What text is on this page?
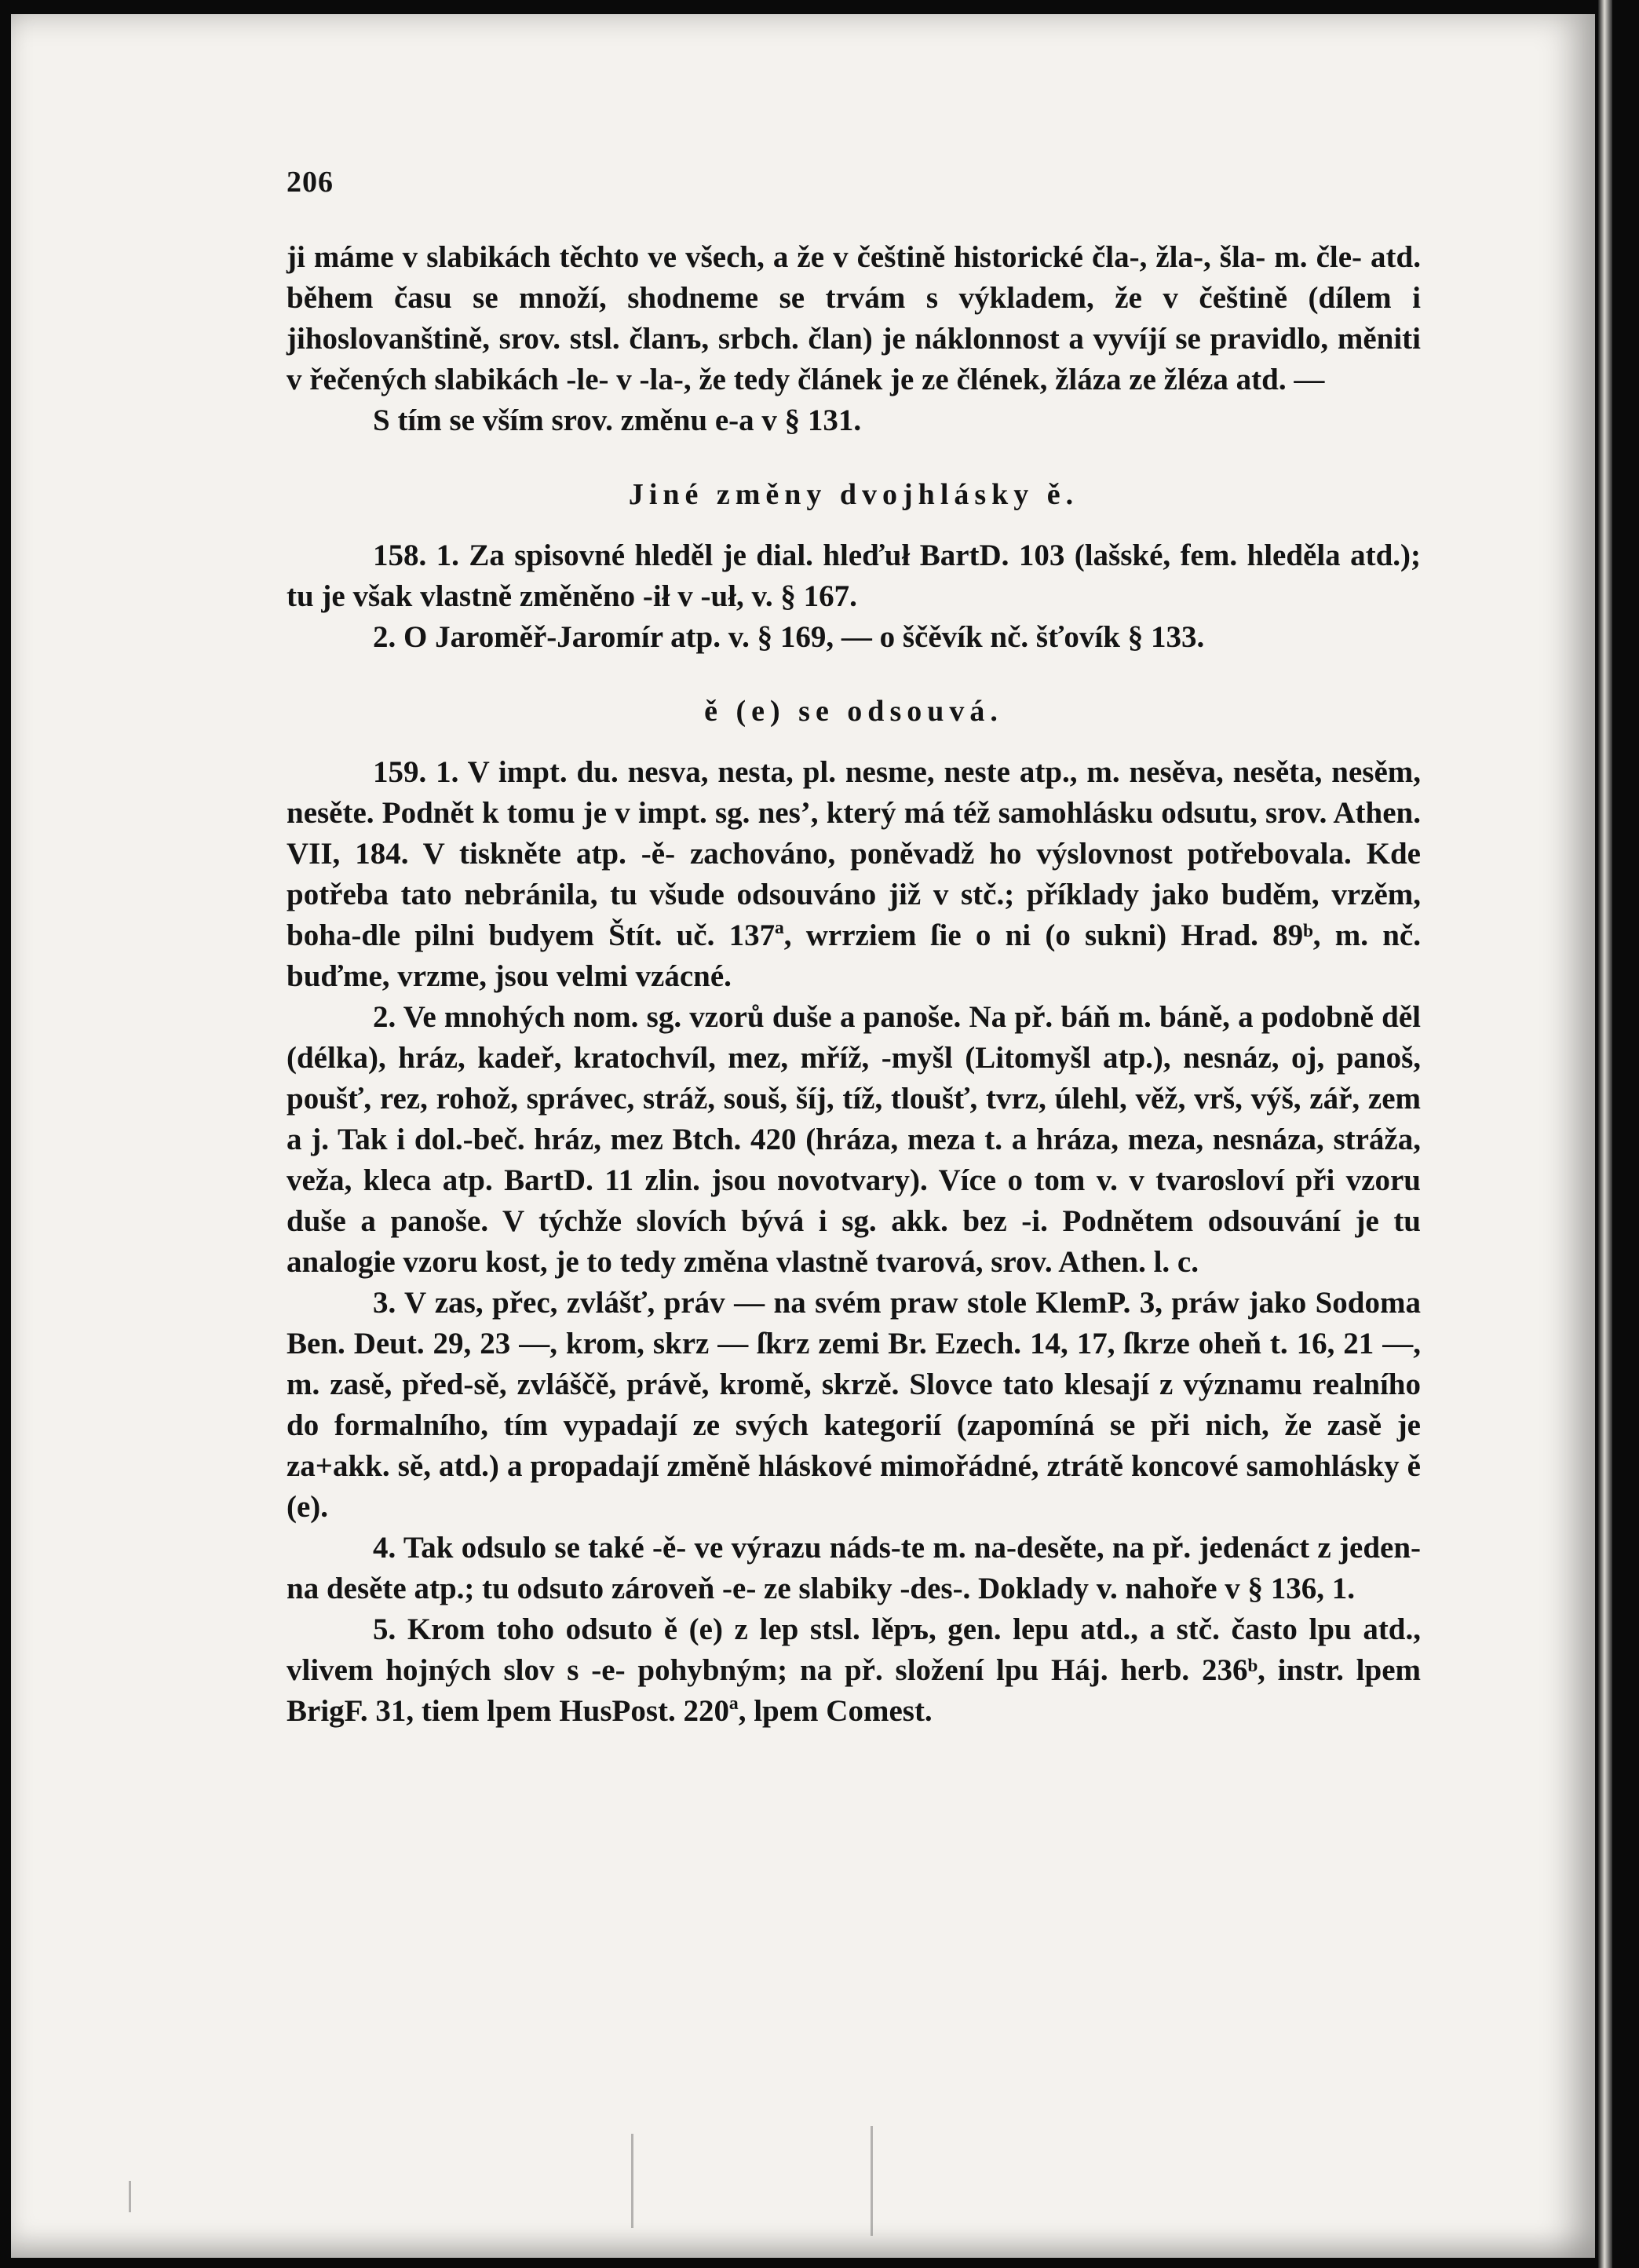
206

ji máme v slabikách těchto ve všech, a že v češtině historické čla-, žla-, šla- m. čle- atd. během času se množí, shodneme se trvám s výkladem, že v češtině (dílem i jihoslovanštině, srov. stsl. članъ, srbch. člаn) je náklonnost a vyvíjí se pravidlo, měniti v řečených slabikách -le- v -la-, že tedy článek je ze člének, žláza ze žléza atd. —

S tím se vším srov. změnu e-a v § 131.

Jiné změny dvojhlásky ě.

158. 1. Za spisovné hleděl je dial. hleďuł BartD. 103 (lašské, fem. hleděla atd.); tu je však vlastně změněno -ił v -uł, v. § 167.

2. O Jaroměř-Jaromír atp. v. § 169, — o ščěvík nč. šťovík § 133.

ě (e) se odsouvá.

159. 1. V impt. du. nesva, nesta, pl. nesme, neste atp., m. nesěva, nesěta, nesěm, nesěte. Podnět k tomu je v impt. sg. nes’, který má též samohlásku odsutu, srov. Athen. VII, 184. V tiskněte atp. -ě- zachováno, poněvadž ho výslovnost potřebovala. Kde potřeba tato nebránila, tu všude odsouváno již v stč.; příklady jako buděm, vrzěm, boha-dle pilni budyem Štít. uč. 137ª, wrrziem ſie o ni (o sukni) Hrad. 89ᵇ, m. nč. buďme, vrzme, jsou velmi vzácné.

2. Ve mnohých nom. sg. vzorů duše a panoše. Na př. báň m. báně, a podobně děl (délka), hráz, kadeř, kratochvíl, mez, mříž, -myšl (Litomyšl atp.), nesnáz, oj, panoš, poušť, rez, rohož, správec, stráž, souš, šíj, tíž, tloušť, tvrz, úlehl, věž, vrš, výš, zář, zem a j. Tak i dol.-beč. hráz, mez Btch. 420 (hráza, meza t. a hráza, meza, nesnáza, stráža, veža, kleca atp. BartD. 11 zlin. jsou novotvary). Více o tom v. v tvarosloví při vzoru duše a panoše. V týchže slovích bývá i sg. akk. bez -i. Podnětem odsouvání je tu analogie vzoru kost, je to tedy změna vlastně tvarová, srov. Athen. l. c.

3. V zas, přec, zvlášť, práv — na svém praw stole KlemP. 3, práw jako Sodoma Ben. Deut. 29, 23 —, krom, skrz — ſkrz zemi Br. Ezech. 14, 17, ſkrze oheň t. 16, 21 —, m. zasě, před-sě, zvláščě, právě, kromě, skrzě. Slovce tato klesají z významu realního do formalního, tím vypadají ze svých kategorií (zapomíná se při nich, že zasě je za+akk. sě, atd.) a propadají změně hláskové mimořádné, ztrátě koncové samohlásky ě (e).

4. Tak odsulo se také -ě- ve výrazu náds-te m. na-desěte, na př. jedenáct z jeden-na desěte atp.; tu odsuto zároveň -e- ze slabiky -des-. Doklady v. nahoře v § 136, 1.

5. Krom toho odsuto ě (e) z lep stsl. lěpъ, gen. lepu atd., a stč. často lpu atd., vlivem hojných slov s -e- pohybným; na př. složení lpu Háj. herb. 236ᵇ, instr. lpem BrigF. 31, tiem lpem HusPost. 220ª, lpem Comest.
